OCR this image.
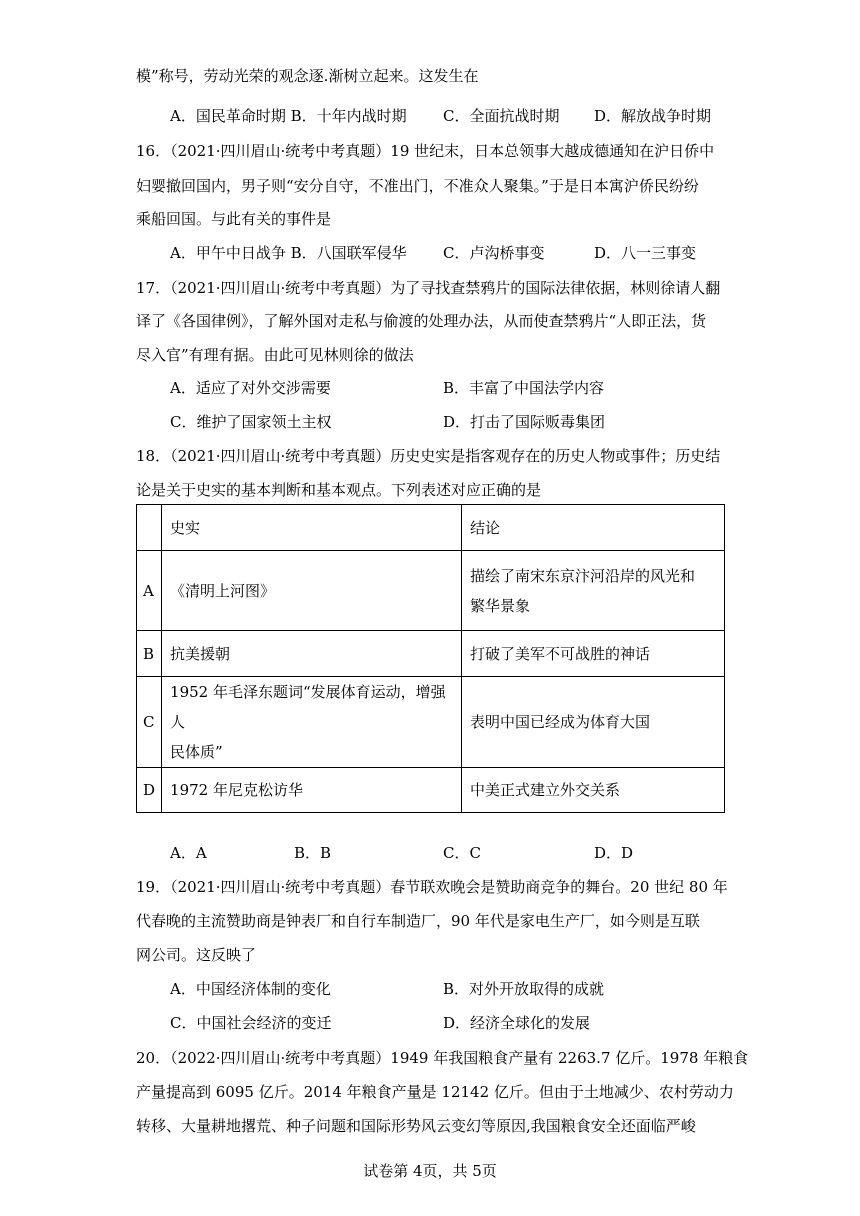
模”称号，劳动光荣的观念逐.渐树立起来。这发生在
A．国民革命时期 B．十年内战时期 C．全面抗战时期 D．解放战争时期
16．（2021·四川眉山·统考中考真题）19 世纪末，日本总领事大越成德通知在沪日侨中
妇婴撤回国内，男子则“安分自守，不准出门，不准众人聚集。”于是日本寓沪侨民纷纷
乘船回国。与此有关的事件是
A．甲午中日战争 B．八国联军侵华 C．卢沟桥事变	D．八一三事变
17．（2021·四川眉山·统考中考真题）为了寻找查禁鸦片的国际法律依据，林则徐请人翻
译了《各国律例》，了解外国对走私与偷渡的处理办法，从而使查禁鸦片“人即正法，货
尽入官”有理有据。由此可见林则徐的做法
A．适应了对外交涉需要	B．丰富了中国法学内容
C．维护了国家领土主权	D．打击了国际贩毒集团
18．（2021·四川眉山·统考中考真题）历史史实是指客观存在的历史人物或事件；历史结
论是关于史实的基本判断和基本观点。下列表述对应正确的是
	史实	结论
A	《清明上河图》	描绘了南宋东京汴河沿岸的风光和
繁华景象

B	抗美援朝	打破了美军不可战胜的神话

C	1952 年毛泽东题词“发展体育运动，增强人
民体质”	表明中国已经成为体育大国

D	1972 年尼克松访华	中美正式建立外交关系
A．A	B．B	C．C	D．D
19．（2021·四川眉山·统考中考真题）春节联欢晚会是赞助商竞争的舞台。20 世纪 80 年
代春晚的主流赞助商是钟表厂和自行车制造厂，90 年代是家电生产厂，如今则是互联
网公司。这反映了
A．中国经济体制的变化	B．对外开放取得的成就
C．中国社会经济的变迁	D．经济全球化的发展
20．（2022·四川眉山·统考中考真题）1949 年我国粮食产量有 2263.7 亿斤。1978 年粮食
产量提高到 6095 亿斤。2014 年粮食产量是 12142 亿斤。但由于土地减少、农村劳动力
转移、大量耕地撂荒、种子问题和国际形势风云变幻等原因,我国粮食安全还面临严峻
试卷第 4页，共 5页
